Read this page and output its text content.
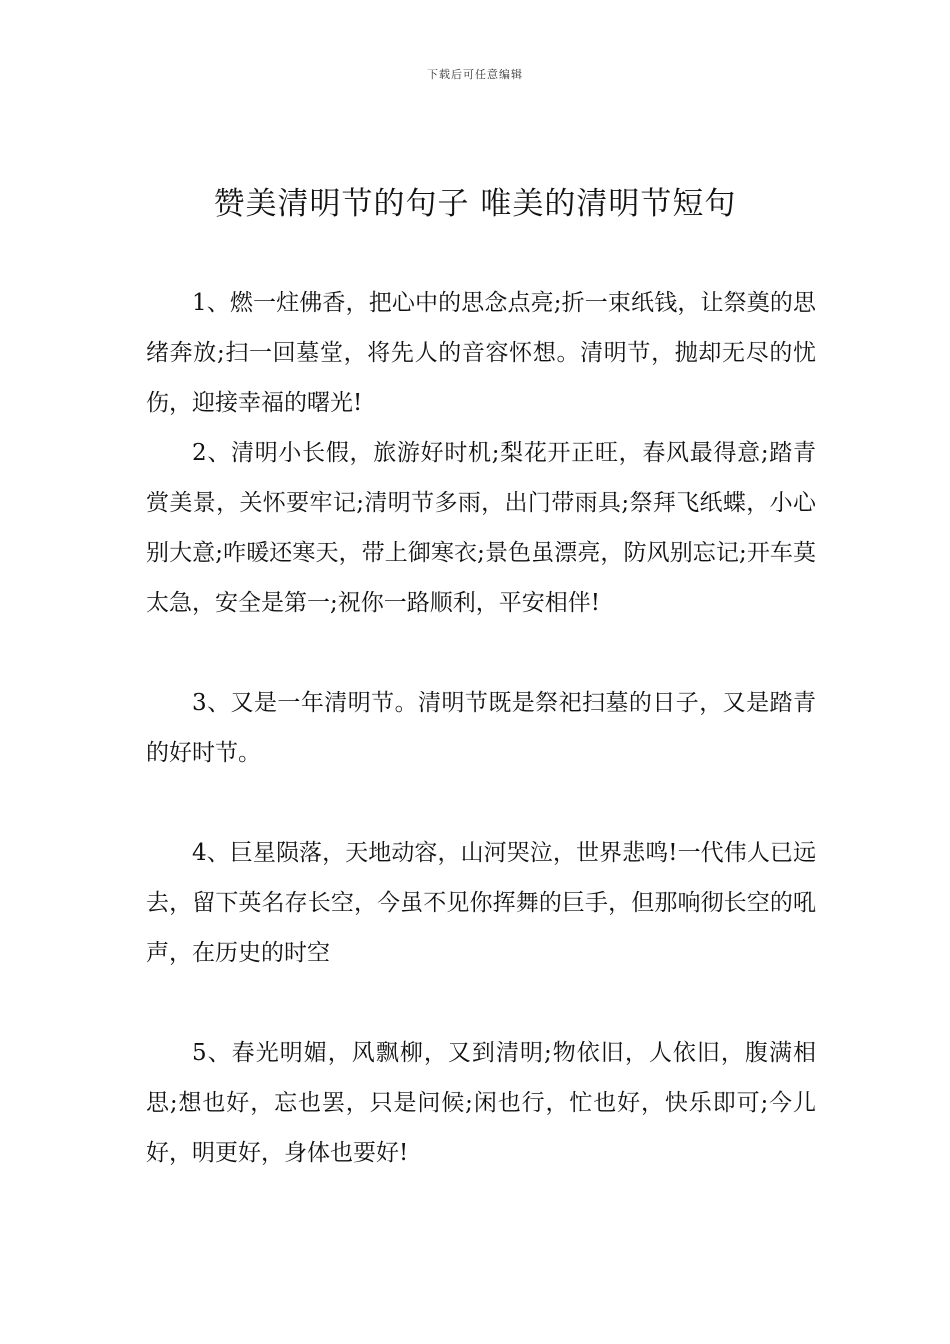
下载后可任意编辑
赞美清明节的句子 唯美的清明节短句

1、燃一炷佛香，把心中的思念点亮;折一束纸钱，让祭奠的思绪奔放;扫一回墓堂，将先人的音容怀想。清明节，抛却无尽的忧伤，迎接幸福的曙光!

2、清明小长假，旅游好时机;梨花开正旺，春风最得意;踏青赏美景，关怀要牢记;清明节多雨，出门带雨具;祭拜飞纸蝶，小心别大意;咋暖还寒天，带上御寒衣;景色虽漂亮，防风别忘记;开车莫太急，安全是第一;祝你一路顺利，平安相伴!

3、又是一年清明节。清明节既是祭祀扫墓的日子，又是踏青的好时节。

4、巨星陨落，天地动容，山河哭泣，世界悲鸣!一代伟人已远去，留下英名存长空，今虽不见你挥舞的巨手，但那响彻长空的吼声，在历史的时空

5、春光明媚，风飘柳，又到清明;物依旧，人依旧，腹满相思;想也好，忘也罢，只是问候;闲也行，忙也好，快乐即可;今儿好，明更好，身体也要好!
